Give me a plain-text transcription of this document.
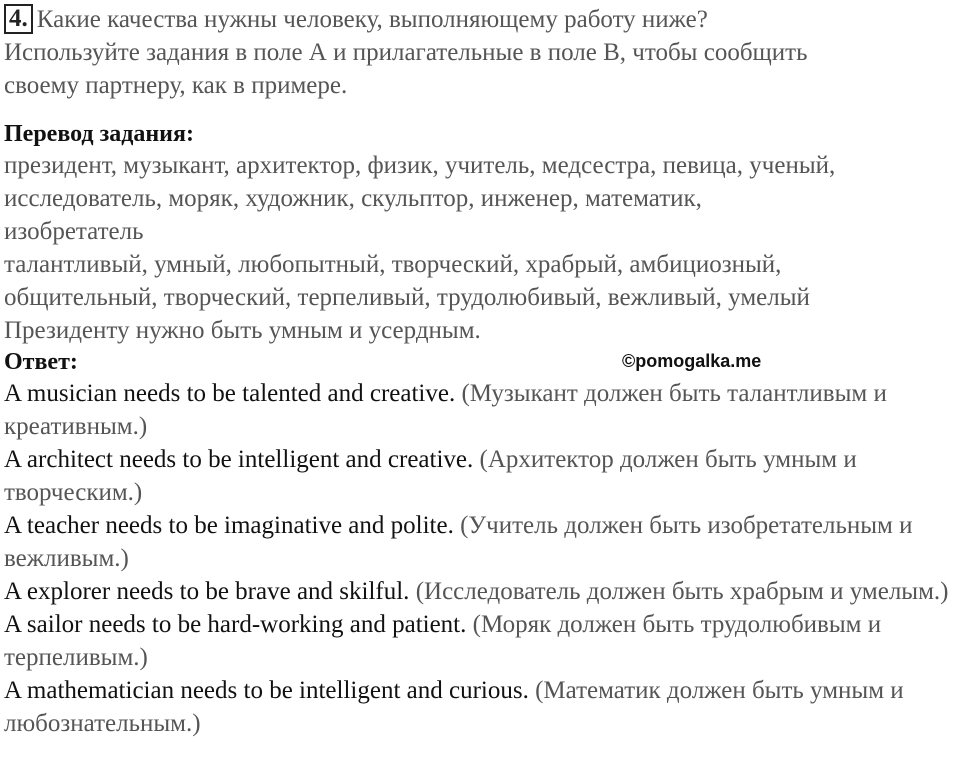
4. Какие качества нужны человеку, выполняющему работу ниже?
Используйте задания в поле А и прилагательные в поле В, чтобы сообщить
своему партнеру, как в примере.
Перевод задания:
президент, музыкант, архитектор, физик, учитель, медсестра, певица, ученый,
исследователь, моряк, художник, скульптор, инженер, математик,
изобретатель
талантливый, умный, любопытный, творческий, храбрый, амбициозный,
общительный, творческий, терпеливый, трудолюбивый, вежливый, умелый
Президенту нужно быть умным и усердным.
Ответ:	©pomogalka.me
A musician needs to be talented and creative. (Музыкант должен быть талантливым и креативным.)
A architect needs to be intelligent and creative. (Архитектор должен быть умным и творческим.)
A teacher needs to be imaginative and polite. (Учитель должен быть изобретательным и вежливым.)
A explorer needs to be brave and skilful. (Исследователь должен быть храбрым и умелым.)
A sailor needs to be hard-working and patient. (Моряк должен быть трудолюбивым и терпеливым.)
A mathematician needs to be intelligent and curious. (Математик должен быть умным и любознательным.)
